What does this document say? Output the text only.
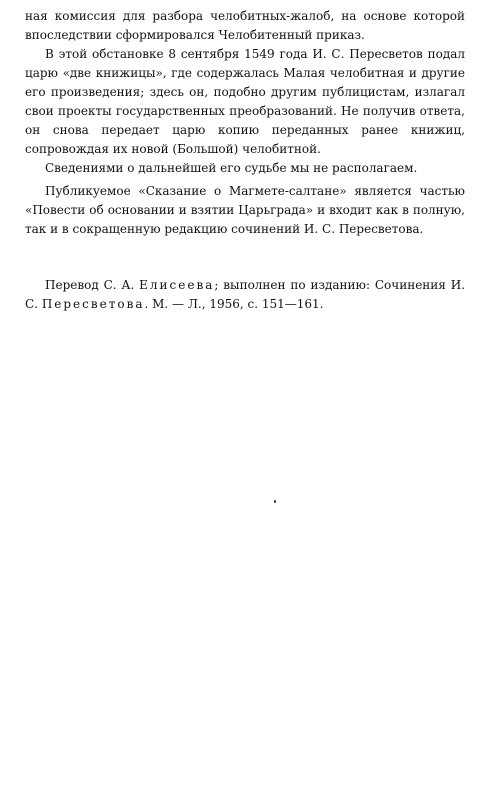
ная комиссия для разбора челобитных-жалоб, на основе которой впоследствии сформировался Челобитенный приказ.

В этой обстановке 8 сентября 1549 года И. С. Пересветов подал царю «две книжицы», где содержалась Малая челобитная и другие его произведения; здесь он, подобно другим публицистам, излагал свои проекты государственных преобразований. Не получив ответа, он снова передает царю копию переданных ранее книжиц, сопровождая их новой (Большой) челобитной.

Сведениями о дальнейшей его судьбе мы не располагаем.

Публикуемое «Сказание о Магмете-салтане» является частью «Повести об основании и взятии Царьграда» и входит как в полную, так и в сокращенную редакцию сочинений И. С. Пересветова.

Перевод С. А. Елисеева; выполнен по изданию: Сочинения И. С. Пересветова. М. — Л., 1956, с. 151—161.
